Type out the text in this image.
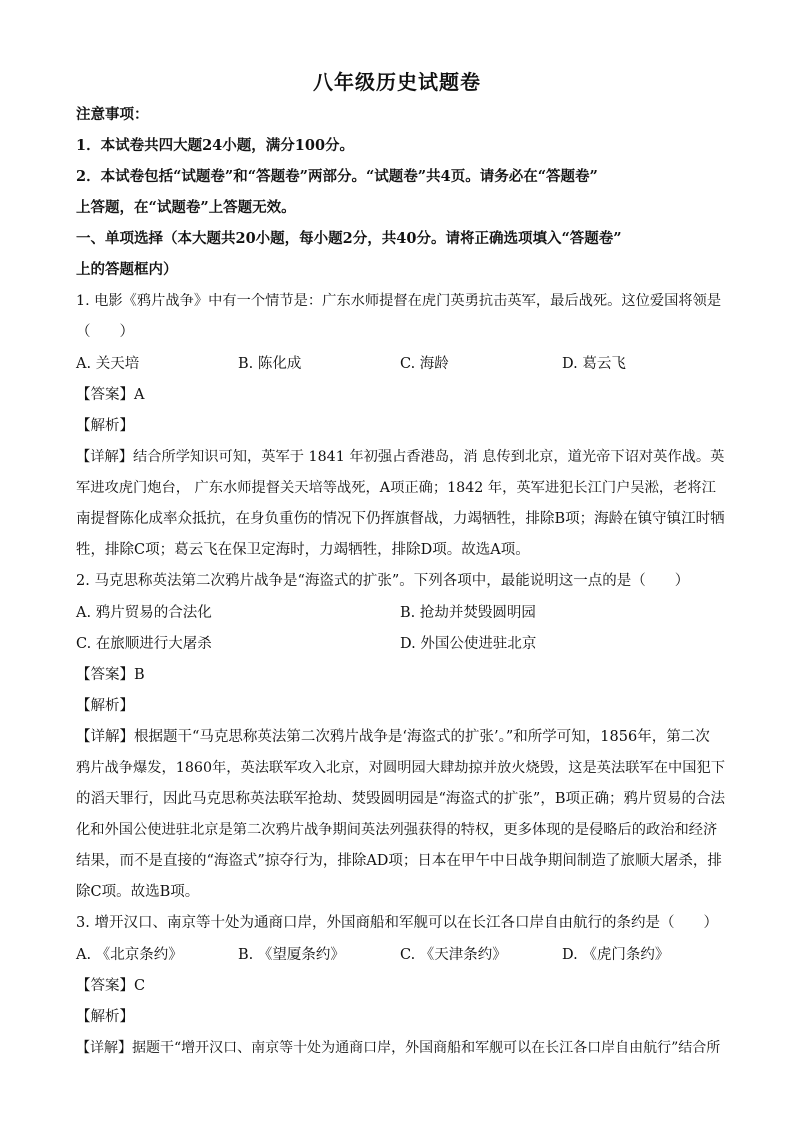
八年级历史试题卷
注意事项：
1．本试卷共四大题24小题，满分100分。
2．本试卷包括“试题卷”和“答题卷”两部分。“试题卷”共4页。请务必在“答题卷”
上答题，在“试题卷”上答题无效。
一、单项选择（本大题共20小题，每小题2分，共40分。请将正确选项填入“答题卷”
上的答题框内）
1. 电影《鸦片战争》中有一个情节是：广东水师提督在虎门英勇抗击英军，最后战死。这位爱国将领是
（　　）
A. 关天培	B. 陈化成	C. 海龄	D. 葛云飞
【答案】A
【解析】
【详解】结合所学知识可知，英军于 1841 年初强占香港岛，消 息传到北京，道光帝下诏对英作战。英
军进攻虎门炮台， 广东水师提督关天培等战死，A项正确；1842 年，英军进犯长江门户吴淞，老将江
南提督陈化成率众抵抗，在身负重伤的情况下仍挥旗督战，力竭牺牲，排除B项；海龄在镇守镇江时牺
牲，排除C项；葛云飞在保卫定海时，力竭牺牲，排除D项。故选A项。
2. 马克思称英法第二次鸦片战争是“海盗式的扩张”。下列各项中，最能说明这一点的是（　　）
A. 鸦片贸易的合法化	B. 抢劫并焚毁圆明园
C. 在旅顺进行大屠杀	D. 外国公使进驻北京
【答案】B
【解析】
【详解】根据题干“马克思称英法第二次鸦片战争是‘海盗式的扩张’。”和所学可知，1856年，第二次
鸦片战争爆发，1860年，英法联军攻入北京，对圆明园大肆劫掠并放火烧毁，这是英法联军在中国犯下
的滔天罪行，因此马克思称英法联军抢劫、焚毁圆明园是“海盗式的扩张”，B项正确；鸦片贸易的合法
化和外国公使进驻北京是第二次鸦片战争期间英法列强获得的特权，更多体现的是侵略后的政治和经济
结果，而不是直接的“海盗式”掠夺行为，排除AD项；日本在甲午中日战争期间制造了旅顺大屠杀，排
除C项。故选B项。
3. 增开汉口、南京等十处为通商口岸，外国商船和军舰可以在长江各口岸自由航行的条约是（　　）
A. 《北京条约》	B. 《望厦条约》	C. 《天津条约》	D. 《虎门条约》
【答案】C
【解析】
【详解】据题干“增开汉口、南京等十处为通商口岸，外国商船和军舰可以在长江各口岸自由航行”结合所
